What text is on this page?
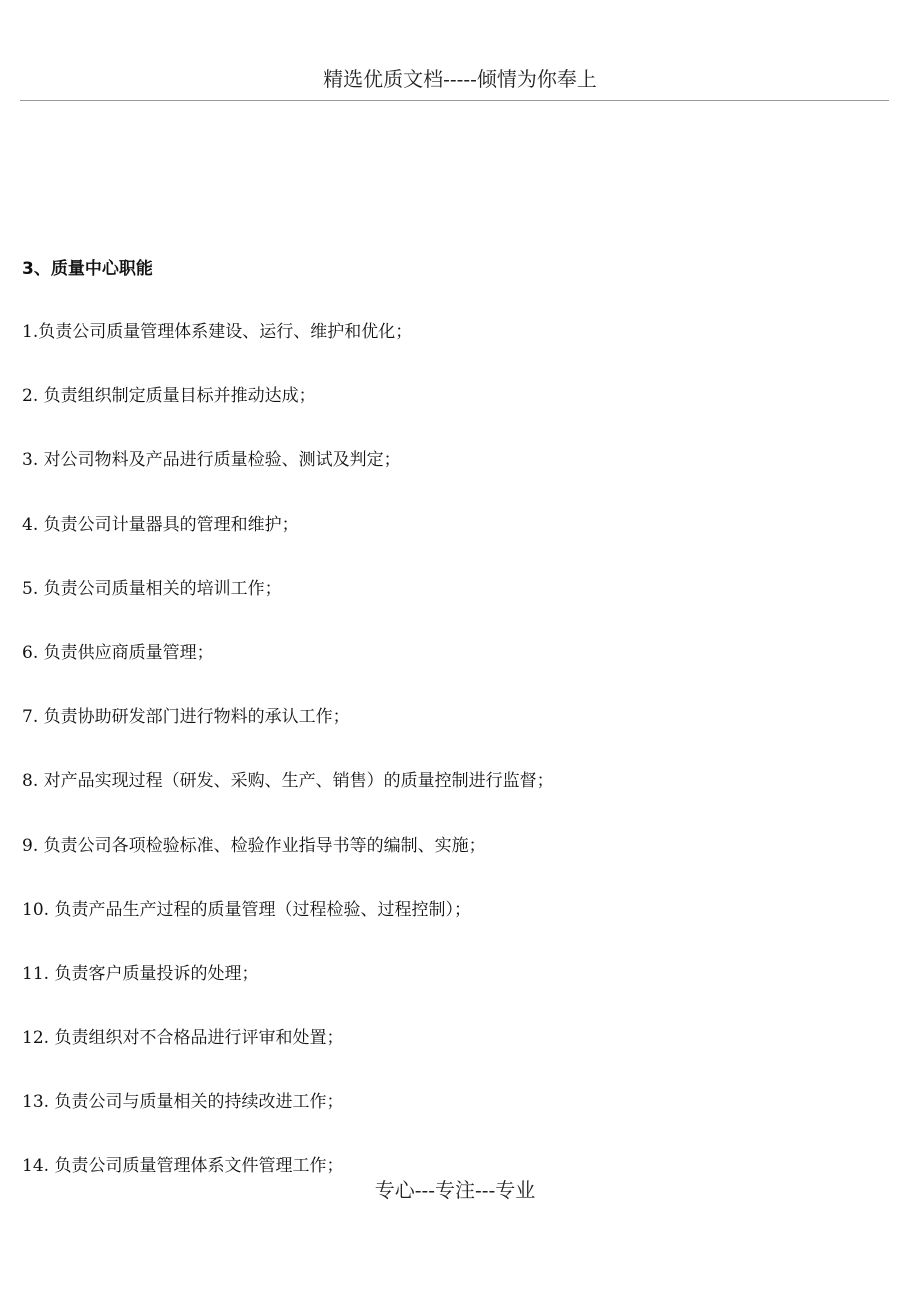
精选优质文档-----倾情为你奉上
3、质量中心职能
1.负责公司质量管理体系建设、运行、维护和优化；
2. 负责组织制定质量目标并推动达成；
3. 对公司物料及产品进行质量检验、测试及判定；
4. 负责公司计量器具的管理和维护；
5. 负责公司质量相关的培训工作；
6. 负责供应商质量管理；
7. 负责协助研发部门进行物料的承认工作；
8. 对产品实现过程（研发、采购、生产、销售）的质量控制进行监督；
9. 负责公司各项检验标准、检验作业指导书等的编制、实施；
10. 负责产品生产过程的质量管理（过程检验、过程控制）；
11. 负责客户质量投诉的处理；
12. 负责组织对不合格品进行评审和处置；
13. 负责公司与质量相关的持续改进工作；
14. 负责公司质量管理体系文件管理工作；
专心---专注---专业
